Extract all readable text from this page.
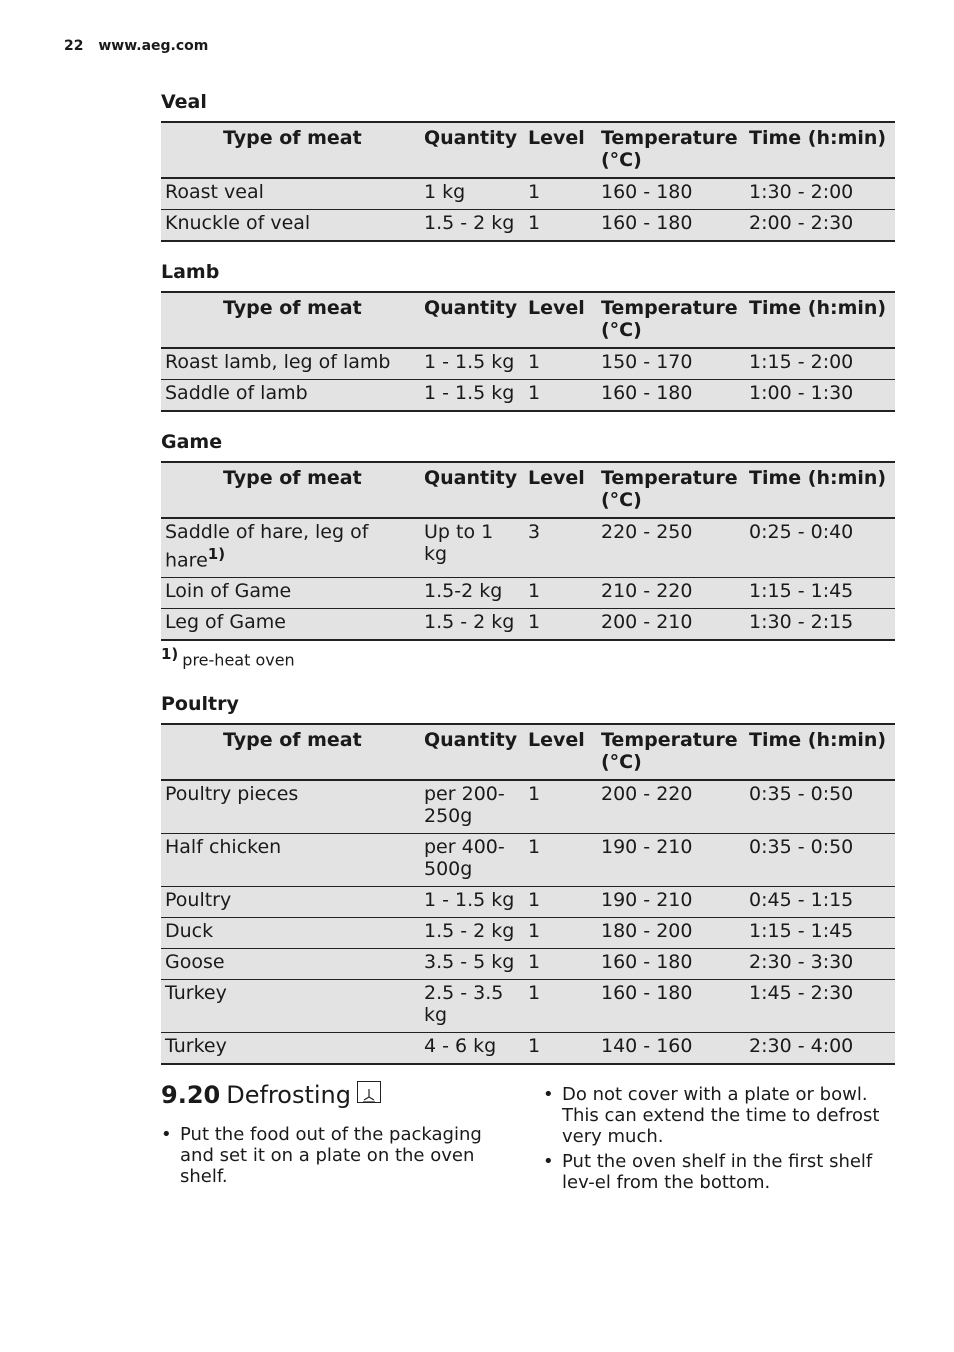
22 www.aeg.com
Veal
Type of meat	Quantity	Level	Temperature (°C)	Time (h:min)
Roast veal	1 kg	1	160 - 180	1:30 - 2:00
Knuckle of veal	1.5 - 2 kg	1	160 - 180	2:00 - 2:30
Lamb
Type of meat	Quantity	Level	Temperature (°C)	Time (h:min)
Roast lamb, leg of lamb	1 - 1.5 kg	1	150 - 170	1:15 - 2:00
Saddle of lamb	1 - 1.5 kg	1	160 - 180	1:00 - 1:30
Game
Type of meat	Quantity	Level	Temperature (°C)	Time (h:min)
Saddle of hare, leg of hare$^{1)}$	Up to 1 kg	3	220 - 250	0:25 - 0:40
Loin of Game	1.5-2 kg	1	210 - 220	1:15 - 1:45
Leg of Game	1.5 - 2 kg	1	200 - 210	1:30 - 2:15
$^{1)}$ pre-heat oven
Poultry
Type of meat	Quantity	Level	Temperature (°C)	Time (h:min)
Poultry pieces	per 200-250g	1	200 - 220	0:35 - 0:50
Half chicken	per 400-500g	1	190 - 210	0:35 - 0:50
Poultry	1 - 1.5 kg	1	190 - 210	0:45 - 1:15
Duck	1.5 - 2 kg	1	180 - 200	1:15 - 1:45
Goose	3.5 - 5 kg	1	160 - 180	2:30 - 3:30
Turkey	2.5 - 3.5 kg	1	160 - 180	1:45 - 2:30
Turkey	4 - 6 kg	1	140 - 160	2:30 - 4:00
9.20 Defrosting
• Put the food out of the packaging and set it on a plate on the oven shelf.
• Do not cover with a plate or bowl. This can extend the time to defrost very much.
• Put the oven shelf in the first shelf lev-el from the bottom.
